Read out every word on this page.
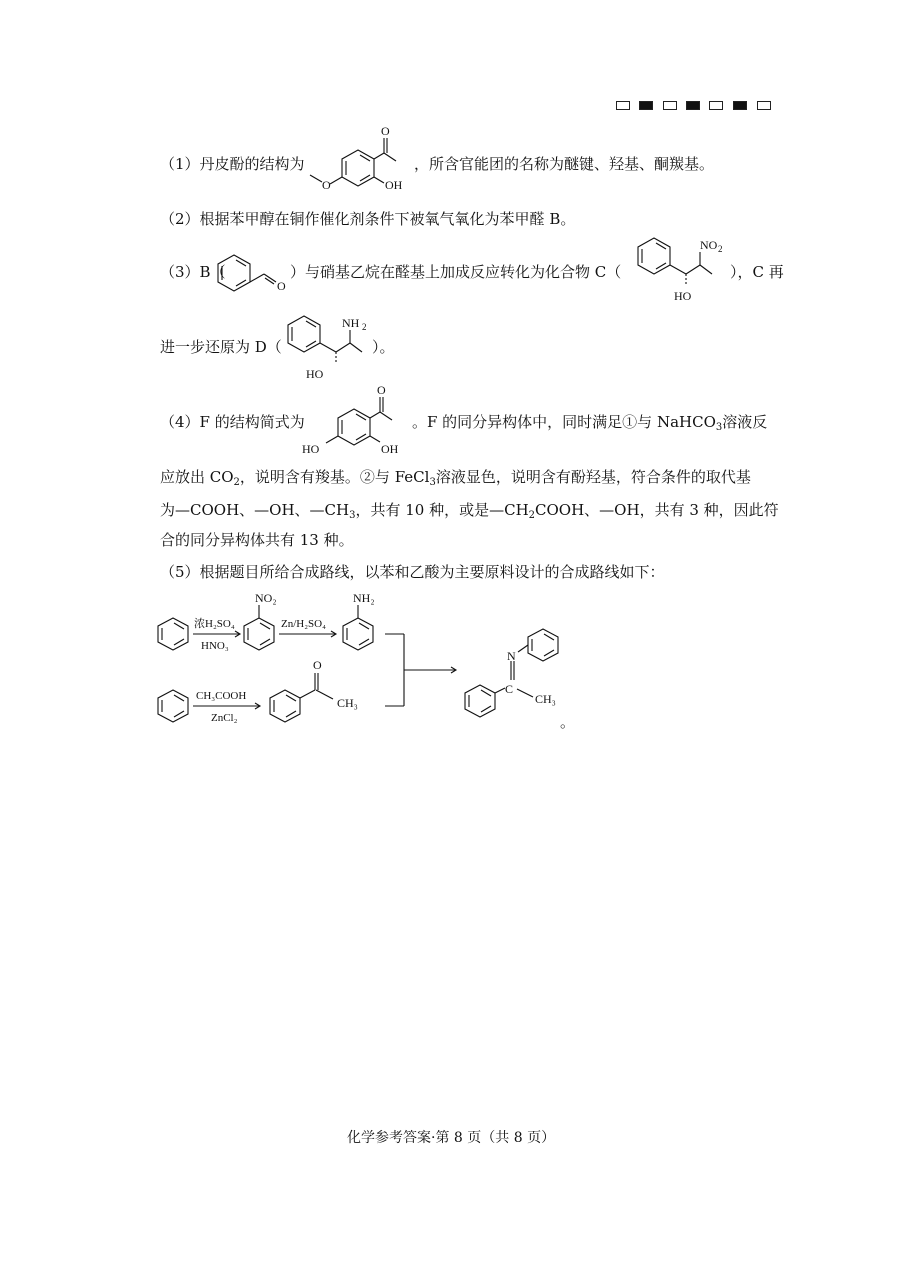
（1）丹皮酚的结构为
O
O	OH
，所含官能团的名称为醚键、羟基、酮羰基。
（2）根据苯甲醇在铜作催化剂条件下被氧气氧化为苯甲醛 B。
（3）B（
O
）与硝基乙烷在醛基上加成反应转化为化合物 C（
NO 2
HO
），C 再
进一步还原为 D（
NH 2
HO
）。
（4）F 的结构简式为
O
HO	OH
。F 的同分异构体中，同时满足①与 NaHCO$_3$溶液反
应放出 $CO_2$，说明含有羧基。②与 FeCl$_3$溶液显色，说明含有酚羟基，符合条件的取代基
为—COOH、—OH、$—CH_3$，共有 10 种，或是$—CH_2COOH$、—OH，共有 3 种，因此符
合的同分异构体共有 13 种。
（5）根据题目所给合成路线，以苯和乙酸为主要原料设计的合成路线如下：
浓H₂SO₄
HNO₃
NO₂
Zn/H₂SO₄
NH₂
CH₃COOH
ZnCl₂
O
CH₃
C
N
CH₃
。
化学参考答案·第 8 页（共 8 页）
